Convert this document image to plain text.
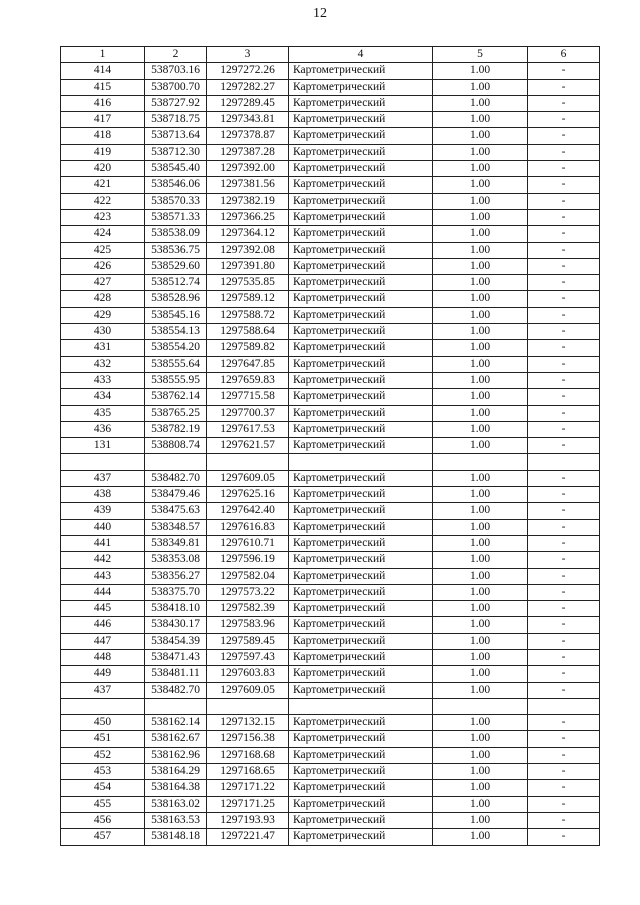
12
1	2	3	4	5	6
414	538703.16	1297272.26	Картометрический	1.00	-
415	538700.70	1297282.27	Картометрический	1.00	-
416	538727.92	1297289.45	Картометрический	1.00	-
417	538718.75	1297343.81	Картометрический	1.00	-
418	538713.64	1297378.87	Картометрический	1.00	-
419	538712.30	1297387.28	Картометрический	1.00	-
420	538545.40	1297392.00	Картометрический	1.00	-
421	538546.06	1297381.56	Картометрический	1.00	-
422	538570.33	1297382.19	Картометрический	1.00	-
423	538571.33	1297366.25	Картометрический	1.00	-
424	538538.09	1297364.12	Картометрический	1.00	-
425	538536.75	1297392.08	Картометрический	1.00	-
426	538529.60	1297391.80	Картометрический	1.00	-
427	538512.74	1297535.85	Картометрический	1.00	-
428	538528.96	1297589.12	Картометрический	1.00	-
429	538545.16	1297588.72	Картометрический	1.00	-
430	538554.13	1297588.64	Картометрический	1.00	-
431	538554.20	1297589.82	Картометрический	1.00	-
432	538555.64	1297647.85	Картометрический	1.00	-
433	538555.95	1297659.83	Картометрический	1.00	-
434	538762.14	1297715.58	Картометрический	1.00	-
435	538765.25	1297700.37	Картометрический	1.00	-
436	538782.19	1297617.53	Картометрический	1.00	-
131	538808.74	1297621.57	Картометрический	1.00	-

437	538482.70	1297609.05	Картометрический	1.00	-
438	538479.46	1297625.16	Картометрический	1.00	-
439	538475.63	1297642.40	Картометрический	1.00	-
440	538348.57	1297616.83	Картометрический	1.00	-
441	538349.81	1297610.71	Картометрический	1.00	-
442	538353.08	1297596.19	Картометрический	1.00	-
443	538356.27	1297582.04	Картометрический	1.00	-
444	538375.70	1297573.22	Картометрический	1.00	-
445	538418.10	1297582.39	Картометрический	1.00	-
446	538430.17	1297583.96	Картометрический	1.00	-
447	538454.39	1297589.45	Картометрический	1.00	-
448	538471.43	1297597.43	Картометрический	1.00	-
449	538481.11	1297603.83	Картометрический	1.00	-
437	538482.70	1297609.05	Картометрический	1.00	-

450	538162.14	1297132.15	Картометрический	1.00	-
451	538162.67	1297156.38	Картометрический	1.00	-
452	538162.96	1297168.68	Картометрический	1.00	-
453	538164.29	1297168.65	Картометрический	1.00	-
454	538164.38	1297171.22	Картометрический	1.00	-
455	538163.02	1297171.25	Картометрический	1.00	-
456	538163.53	1297193.93	Картометрический	1.00	-
457	538148.18	1297221.47	Картометрический	1.00	-
